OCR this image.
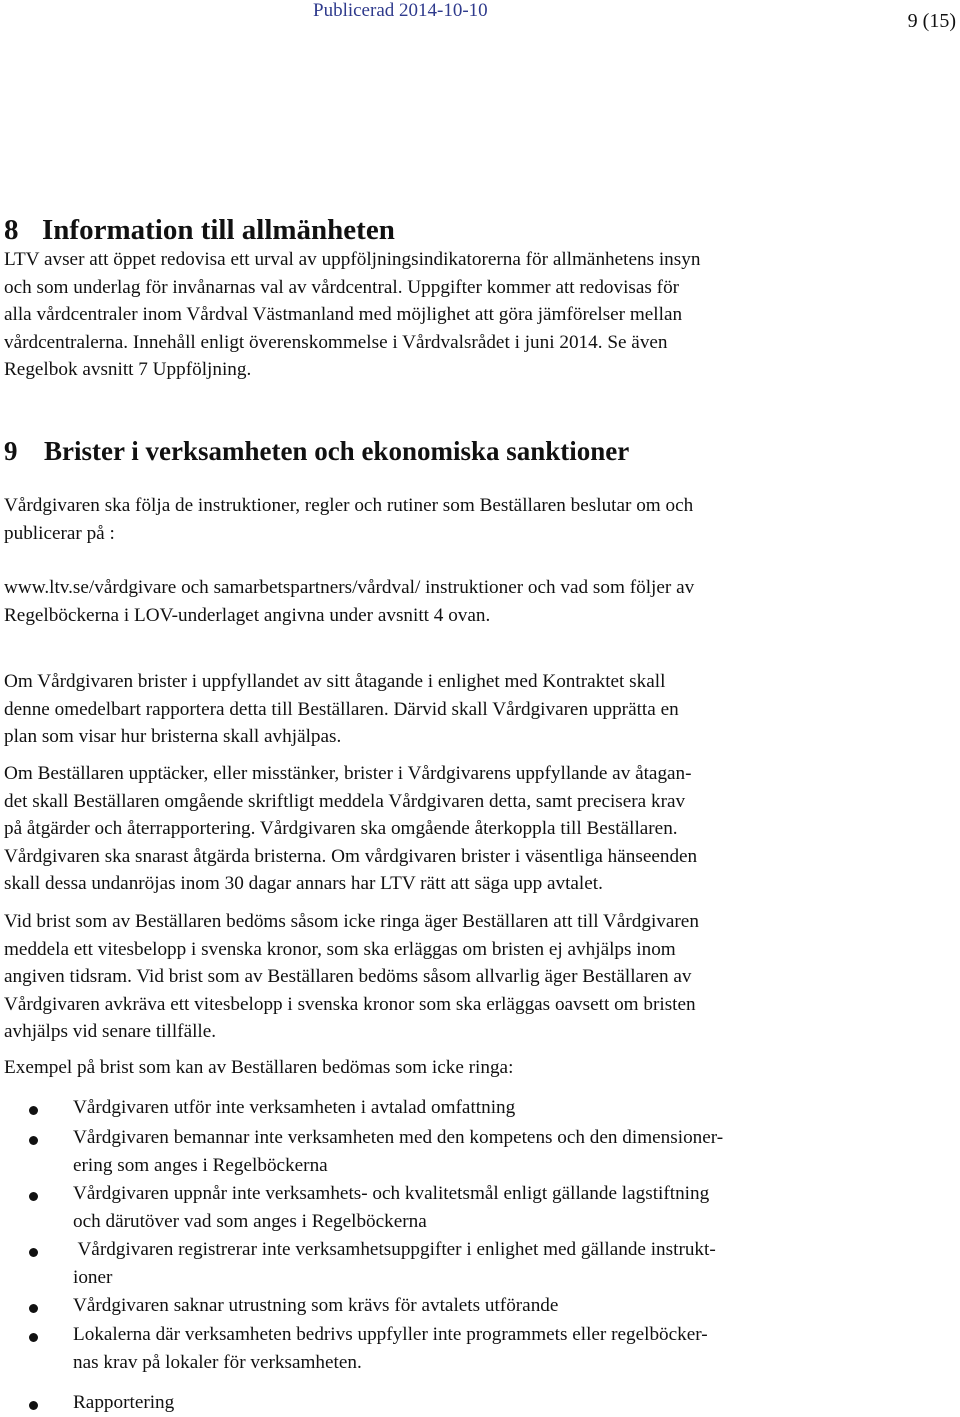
Publicerad 2014-10-10	9 (15)
8 Information till allmänheten
LTV avser att öppet redovisa ett urval av uppföljningsindikatorerna för allmänhetens insyn
och som underlag för invånarnas val av vårdcentral. Uppgifter kommer att redovisas för
alla vårdcentraler inom Vårdval Västmanland med möjlighet att göra jämförelser mellan
vårdcentralerna. Innehåll enligt överenskommelse i Vårdvalsrådet i juni 2014. Se även
Regelbok avsnitt 7 Uppföljning.
9 Brister i verksamheten och ekonomiska sanktioner
Vårdgivaren ska följa de instruktioner, regler och rutiner som Beställaren beslutar om och
publicerar på :
www.ltv.se/vårdgivare och samarbetspartners/vårdval/ instruktioner och vad som följer av
Regelböckerna i LOV-underlaget angivna under avsnitt 4 ovan.
Om Vårdgivaren brister i uppfyllandet av sitt åtagande i enlighet med Kontraktet skall
denne omedelbart rapportera detta till Beställaren. Därvid skall Vårdgivaren upprätta en
plan som visar hur bristerna skall avhjälpas.
Om Beställaren upptäcker, eller misstänker, brister i Vårdgivarens uppfyllande av åtagan-
det skall Beställaren omgående skriftligt meddela Vårdgivaren detta, samt precisera krav
på åtgärder och återrapportering. Vårdgivaren ska omgående återkoppla till Beställaren.
Vårdgivaren ska snarast åtgärda bristerna. Om vårdgivaren brister i väsentliga hänseenden
skall dessa undanröjas inom 30 dagar annars har LTV rätt att säga upp avtalet.
Vid brist som av Beställaren bedöms såsom icke ringa äger Beställaren att till Vårdgivaren
meddela ett vitesbelopp i svenska kronor, som ska erläggas om bristen ej avhjälps inom
angiven tidsram. Vid brist som av Beställaren bedöms såsom allvarlig äger Beställaren av
Vårdgivaren avkräva ett vitesbelopp i svenska kronor som ska erläggas oavsett om bristen
avhjälps vid senare tillfälle.
Exempel på brist som kan av Beställaren bedömas som icke ringa:
Vårdgivaren utför inte verksamheten i avtalad omfattning
Vårdgivaren bemannar inte verksamheten med den kompetens och den dimensioner-
ering som anges i Regelböckerna
Vårdgivaren uppnår inte verksamhets- och kvalitetsmål enligt gällande lagstiftning
och därutöver vad som anges i Regelböckerna
Vårdgivaren registrerar inte verksamhetsuppgifter i enlighet med gällande instrukt-
ioner
Vårdgivaren saknar utrustning som krävs för avtalets utförande
Lokalerna där verksamheten bedrivs uppfyller inte programmets eller regelböcker-
nas krav på lokaler för verksamheten.
Rapportering
